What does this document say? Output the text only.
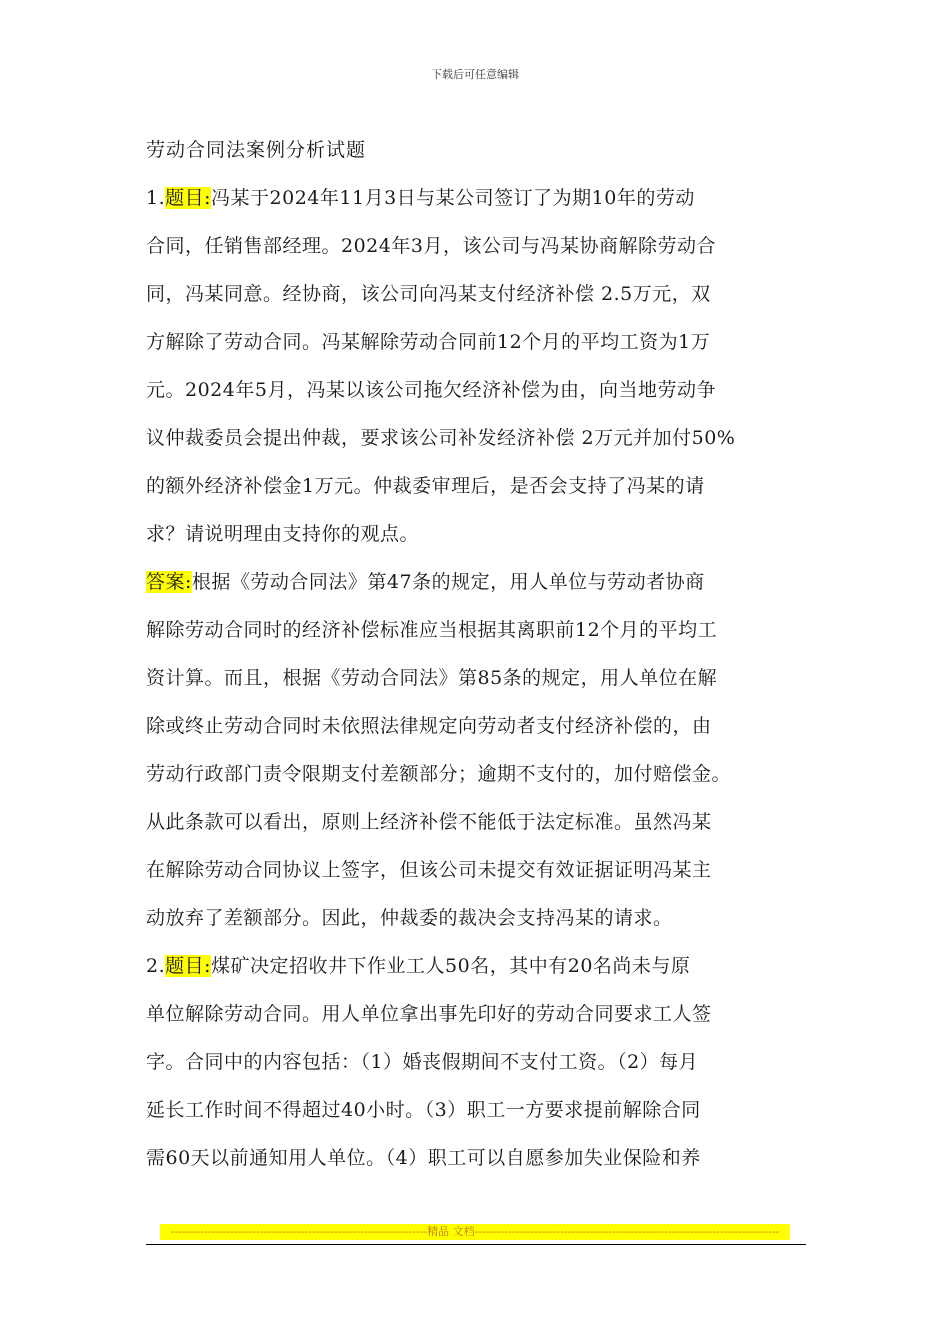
下载后可任意编辑
劳动合同法案例分析试题
1.题目:冯某于2024年11月3日与某公司签订了为期10年的劳动
合同，任销售部经理。2024年3月，该公司与冯某协商解除劳动合
同，冯某同意。经协商，该公司向冯某支付经济补偿 2.5万元，双
方解除了劳动合同。冯某解除劳动合同前12个月的平均工资为1万
元。2024年5月，冯某以该公司拖欠经济补偿为由，向当地劳动争
议仲裁委员会提出仲裁，要求该公司补发经济补偿 2万元并加付50%
的额外经济补偿金1万元。仲裁委审理后，是否会支持了冯某的请
求？请说明理由支持你的观点。
答案:根据《劳动合同法》第47条的规定，用人单位与劳动者协商
解除劳动合同时的经济补偿标准应当根据其离职前12个月的平均工
资计算。而且，根据《劳动合同法》第85条的规定，用人单位在解
除或终止劳动合同时未依照法律规定向劳动者支付经济补偿的，由
劳动行政部门责令限期支付差额部分；逾期不支付的，加付赔偿金。
从此条款可以看出，原则上经济补偿不能低于法定标准。虽然冯某
在解除劳动合同协议上签字，但该公司未提交有效证据证明冯某主
动放弃了差额部分。因此，仲裁委的裁决会支持冯某的请求。
2.题目:煤矿决定招收井下作业工人50名，其中有20名尚未与原
单位解除劳动合同。用人单位拿出事先印好的劳动合同要求工人签
字。合同中的内容包括：（1）婚丧假期间不支付工资。（2）每月
延长工作时间不得超过40小时。（3）职工一方要求提前解除合同
需60天以前通知用人单位。（4）职工可以自愿参加失业保险和养
---------------------------------------------------------------------精品 文档----------------------------------------------------------------------------------
